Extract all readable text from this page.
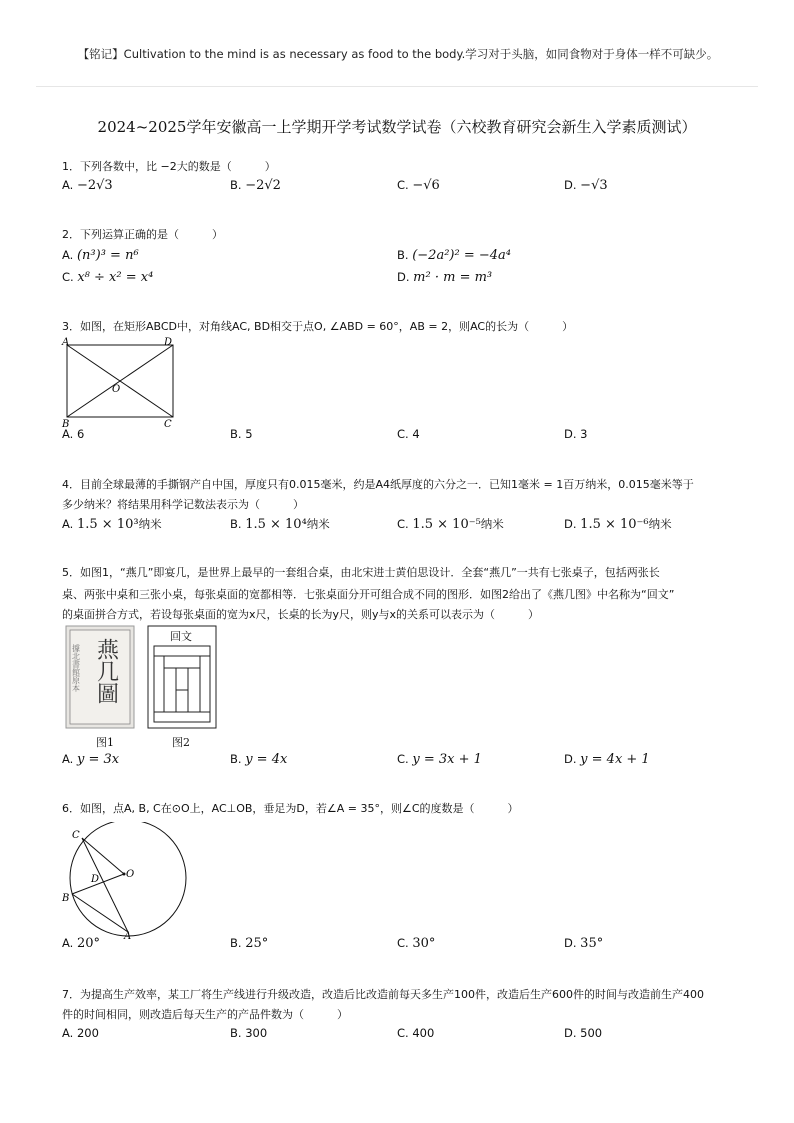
【铭记】Cultivation to the mind is as necessary as food to the body.学习对于头脑，如同食物对于身体一样不可缺少。
2024~2025学年安徽高一上学期开学考试数学试卷（六校教育研究会新生入学素质测试）
1．下列各数中，比 −2大的数是（　　　）
A. −2√3	B. −2√2	C. −√6	D. −√3
2．下列运算正确的是（　　　）
A. (n³)³ = n⁶	B. (−2a²)² = −4a⁴
C. x⁸ ÷ x² = x⁴	D. m² · m = m³
3．如图，在矩形ABCD中，对角线AC, BD相交于点O, ∠ABD = 60°，AB = 2，则AC的长为（　　　）
A	D
O
B	C
A. 6	B. 5	C. 4	D. 3
4．目前全球最薄的手撕钢产自中国，厚度只有0.015毫米，约是A4纸厚度的六分之一．已知1毫米 = 1百万纳米，0.015毫米等于
多少纳米？将结果用科学记数法表示为（　　　）
A. 1.5 × 10³纳米	B. 1.5 × 10⁴纳米	C. 1.5 × 10⁻⁵纳米	D. 1.5 × 10⁻⁶纳米
5．如图1，“燕几”即宴几，是世界上最早的一套组合桌，由北宋进士黄伯思设计．全套“燕几”一共有七张桌子，包括两张长
桌、两张中桌和三张小桌，每张桌面的宽都相等．七张桌面分开可组合成不同的图形．如图2给出了《燕几图》中名称为“回文”
的桌面拼合方式，若设每张桌面的宽为x尺，长桌的长为y尺，则y与x的关系可以表示为（　　　）
據北書館原本 燕几圖
回文
图1	图2
A. y = 3x	B. y = 4x	C. y = 3x + 1	D. y = 4x + 1
6．如图，点A, B, C在⊙O上，AC⊥OB，垂足为D，若∠A = 35°，则∠C的度数是（　　　）
C
D	O
B
A
A. 20°	B. 25°	C. 30°	D. 35°
7．为提高生产效率，某工厂将生产线进行升级改造，改造后比改造前每天多生产100件，改造后生产600件的时间与改造前生产400
件的时间相同，则改造后每天生产的产品件数为（　　　）
A. 200	B. 300	C. 400	D. 500
